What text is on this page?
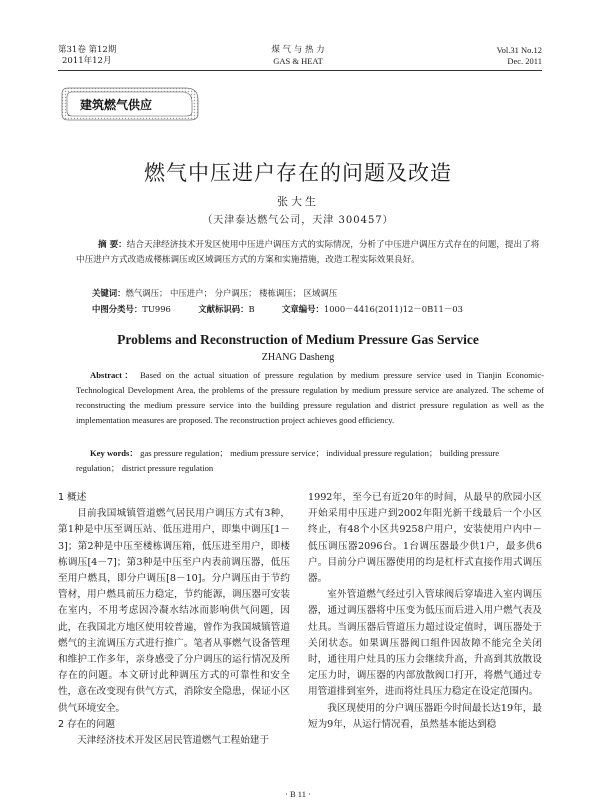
第31卷 第12期
2011年12月
煤 气 与 热 力
GAS & HEAT
Vol.31 No.12
Dec. 2011
建筑燃气供应
燃气中压进户存在的问题及改造
张大生
（天津泰达燃气公司，天津 300457）
摘 要：结合天津经济技术开发区使用中压进户调压方式的实际情况，分析了中压进户调压方式存在的问题，提出了将中压进户方式改造成楼栋调压或区域调压方式的方案和实施措施，改造工程实际效果良好。
关键词：燃气调压； 中压进户； 分户调压； 楼栋调压； 区域调压
中图分类号：TU996	文献标识码：B	文章编号：1000－4416(2011)12－0B11－03
Problems and Reconstruction of Medium Pressure Gas Service
ZHANG Dasheng
Abstract： Based on the actual situation of pressure regulation by medium pressure service used in Tianjin Economic-Technological Development Area, the problems of the pressure regulation by medium pressure service are analyzed. The scheme of reconstructing the medium pressure service into the building pressure regulation and district pressure regulation as well as the implementation measures are proposed. The reconstruction project achieves good efficiency.
Key words： gas pressure regulation； medium pressure service； individual pressure regulation； building pressure regulation； district pressure regulation

1 概述

目前我国城镇管道燃气居民用户调压方式有3种，第1种是中压至调压站、低压进用户，即集中调压[1－3]；第2种是中压至楼栋调压箱，低压进至用户，即楼栋调压[4－7]；第3种是中压至户内表前调压器，低压至用户燃具，即分户调压[8－10]。分户调压由于节约管材，用户燃具前压力稳定，节约能源，调压器可安装在室内，不用考虑因冷凝水结冰而影响供气问题，因此，在我国北方地区使用较普遍，曾作为我国城镇管道燃气的主流调压方式进行推广。笔者从事燃气设备管理和维护工作多年，亲身感受了分户调压的运行情况及所存在的问题。本文研讨此种调压方式的可靠性和安全性，意在改变现有供气方式，消除安全隐患，保证小区供气环境安全。

2 存在的问题

天津经济技术开发区居民管道燃气工程始建于

1992年，至今已有近20年的时间，从最早的欣园小区开始采用中压进户到2002年阳光新干线最后一个小区终止，有48个小区共9258户用户，安装使用户内中－低压调压器2096台。1台调压器最少供1户，最多供6户。目前分户调压器使用的均是杠杆式直接作用式调压器。

室外管道燃气经过引入管球阀后穿墙进入室内调压器，通过调压器将中压变为低压而后进入用户燃气表及灶具。当调压器后管道压力超过设定值时，调压器处于关闭状态。如果调压器阀口组件因故障不能完全关闭时，通往用户灶具的压力会继续升高，升高到其放散设定压力时，调压器的内部放散阀口打开，将燃气通过专用管道排到室外，进而将灶具压力稳定在设定范围内。

我区现使用的分户调压器距今时间最长达19年，最短为9年，从运行情况看，虽然基本能达到稳

· B 11 ·
